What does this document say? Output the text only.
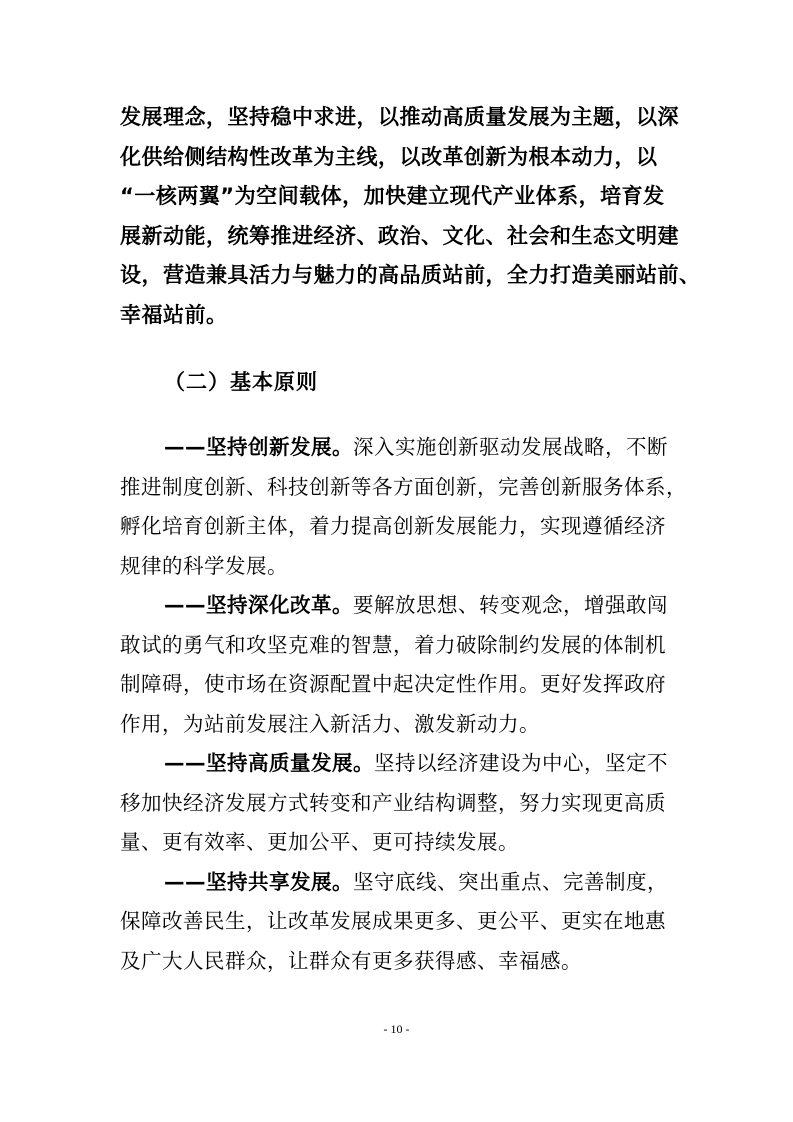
发展理念，坚持稳中求进，以推动高质量发展为主题，以深
化供给侧结构性改革为主线，以改革创新为根本动力，以
“一核两翼”为空间载体，加快建立现代产业体系，培育发
展新动能，统筹推进经济、政治、文化、社会和生态文明建
设，营造兼具活力与魅力的高品质站前，全力打造美丽站前、
幸福站前。
（二）基本原则

——坚持创新发展。深入实施创新驱动发展战略，不断
推进制度创新、科技创新等各方面创新，完善创新服务体系，
孵化培育创新主体，着力提高创新发展能力，实现遵循经济
规律的科学发展。

——坚持深化改革。要解放思想、转变观念，增强敢闯
敢试的勇气和攻坚克难的智慧，着力破除制约发展的体制机
制障碍，使市场在资源配置中起决定性作用。更好发挥政府
作用，为站前发展注入新活力、激发新动力。

——坚持高质量发展。坚持以经济建设为中心，坚定不
移加快经济发展方式转变和产业结构调整，努力实现更高质
量、更有效率、更加公平、更可持续发展。

——坚持共享发展。坚守底线、突出重点、完善制度，
保障改善民生，让改革发展成果更多、更公平、更实在地惠
及广大人民群众，让群众有更多获得感、幸福感。

- 10 -
